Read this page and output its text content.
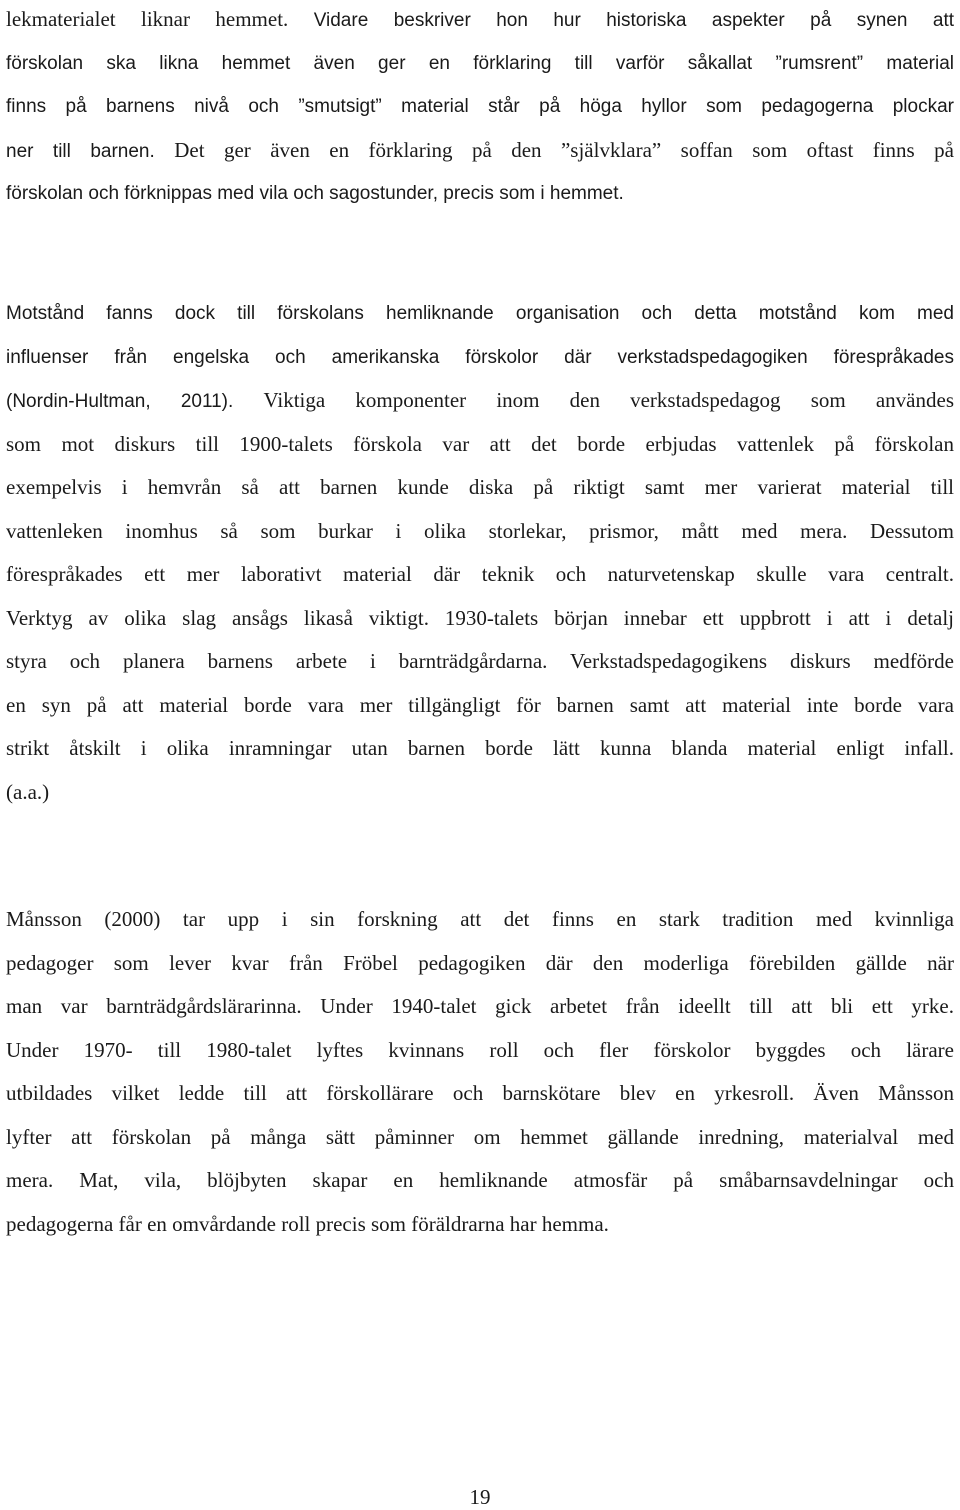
lekmaterialet liknar hemmet. Vidare beskriver hon hur historiska aspekter på synen att
förskolan ska likna hemmet även ger en förklaring till varför såkallat ”rumsrent” material
finns på barnens nivå och ”smutsigt” material står på höga hyllor som pedagogerna plockar
ner till barnen. Det ger även en förklaring på den ”självklara” soffan som oftast finns på
förskolan och förknippas med vila och sagostunder, precis som i hemmet.
Motstånd fanns dock till förskolans hemliknande organisation och detta motstånd kom med
influenser från engelska och amerikanska förskolor där verkstadspedagogiken förespråkades
(Nordin-Hultman, 2011). Viktiga komponenter inom den verkstadspedagog som användes
som mot diskurs till 1900-talets förskola var att det borde erbjudas vattenlek på förskolan
exempelvis i hemvrån så att barnen kunde diska på riktigt samt mer varierat material till
vattenleken inomhus så som burkar i olika storlekar, prismor, mått med mera. Dessutom
förespråkades ett mer laborativt material där teknik och naturvetenskap skulle vara centralt.
Verktyg av olika slag ansågs likaså viktigt. 1930-talets början innebar ett uppbrott i att i detalj
styra och planera barnens arbete i barnträdgårdarna. Verkstadspedagogikens diskurs medförde
en syn på att material borde vara mer tillgängligt för barnen samt att material inte borde vara
strikt åtskilt i olika inramningar utan barnen borde lätt kunna blanda material enligt infall.
(a.a.)
Månsson (2000) tar upp i sin forskning att det finns en stark tradition med kvinnliga
pedagoger som lever kvar från Fröbel pedagogiken där den moderliga förebilden gällde när
man var barnträdgårdslärarinna. Under 1940-talet gick arbetet från ideellt till att bli ett yrke.
Under 1970- till 1980-talet lyftes kvinnans roll och fler förskolor byggdes och lärare
utbildades vilket ledde till att förskollärare och barnskötare blev en yrkesroll. Även Månsson
lyfter att förskolan på många sätt påminner om hemmet gällande inredning, materialval med
mera. Mat, vila, blöjbyten skapar en hemliknande atmosfär på småbarnsavdelningar och
pedagogerna får en omvårdande roll precis som föräldrarna har hemma.
19
